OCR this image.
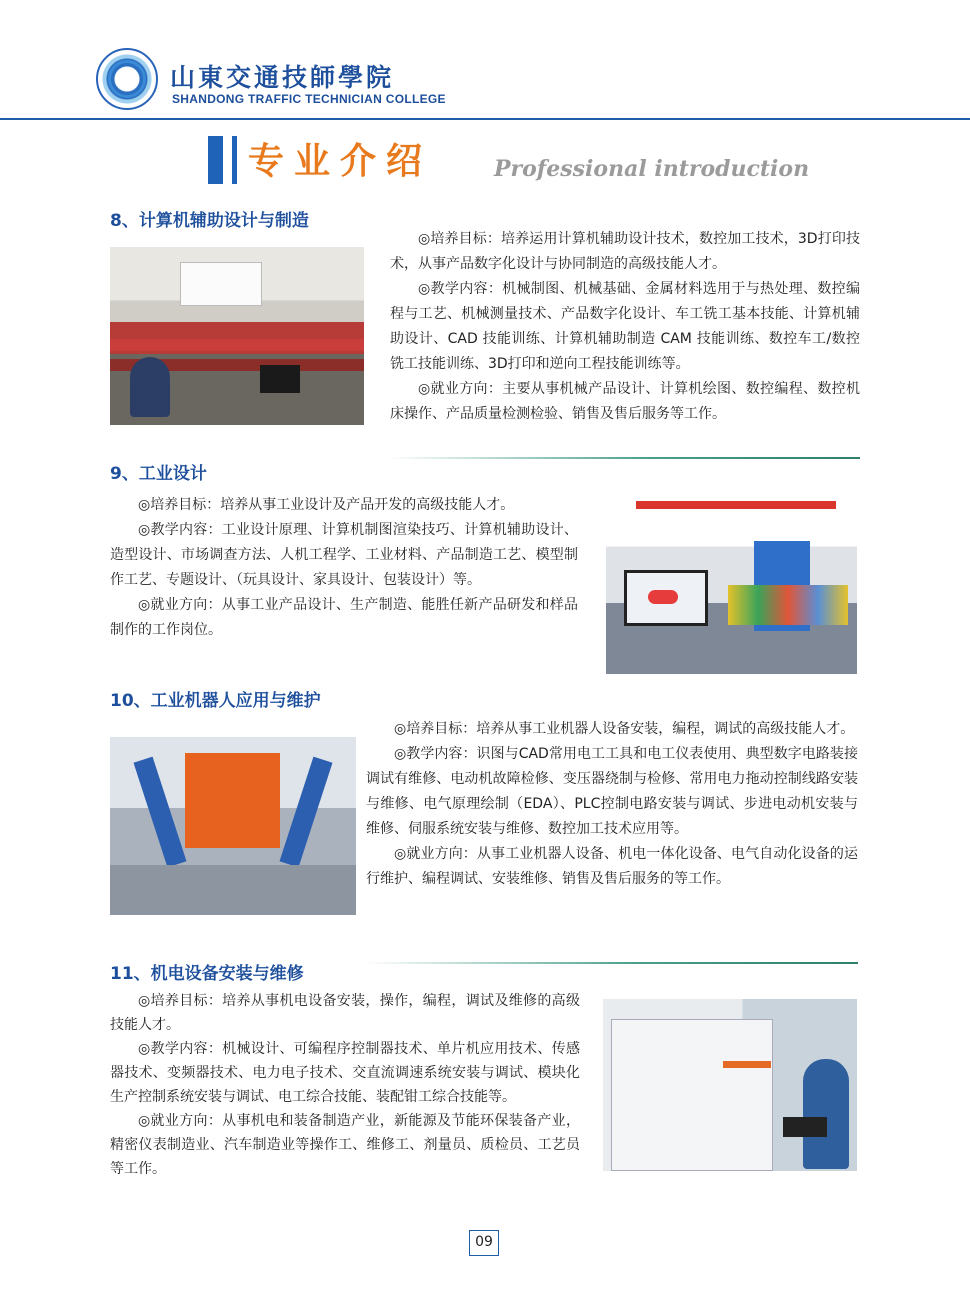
山東交通技師學院
SHANDONG TRAFFIC TECHNICIAN COLLEGE
专业介绍	Professional introduction
8、计算机辅助设计与制造

◎培养目标：培养运用计算机辅助设计技术，数控加工技术，3D打印技术，从事产品数字化设计与协同制造的高级技能人才。

◎教学内容：机械制图、机械基础、金属材料选用于与热处理、数控编程与工艺、机械测量技术、产品数字化设计、车工铣工基本技能、计算机辅助设计、CAD 技能训练、计算机辅助制造 CAM 技能训练、数控车工/数控铣工技能训练、3D打印和逆向工程技能训练等。

◎就业方向：主要从事机械产品设计、计算机绘图、数控编程、数控机床操作、产品质量检测检验、销售及售后服务等工作。

9、工业设计

◎培养目标：培养从事工业设计及产品开发的高级技能人才。

◎教学内容：工业设计原理、计算机制图渲染技巧、计算机辅助设计、造型设计、市场调查方法、人机工程学、工业材料、产品制造工艺、模型制作工艺、专题设计、（玩具设计、家具设计、包装设计）等。

◎就业方向：从事工业产品设计、生产制造、能胜任新产品研发和样品制作的工作岗位。

10、工业机器人应用与维护

◎培养目标：培养从事工业机器人设备安装，编程，调试的高级技能人才。

◎教学内容：识图与CAD常用电工工具和电工仪表使用、典型数字电路装接调试有维修、电动机故障检修、变压器绕制与检修、常用电力拖动控制线路安装与维修、电气原理绘制（EDA）、PLC控制电路安装与调试、步进电动机安装与维修、伺服系统安装与维修、数控加工技术应用等。

◎就业方向：从事工业机器人设备、机电一体化设备、电气自动化设备的运行维护、编程调试、安装维修、销售及售后服务的等工作。

11、机电设备安装与维修

◎培养目标：培养从事机电设备安装，操作，编程，调试及维修的高级技能人才。

◎教学内容：机械设计、可编程序控制器技术、单片机应用技术、传感器技术、变频器技术、电力电子技术、交直流调速系统安装与调试、模块化生产控制系统安装与调试、电工综合技能、装配钳工综合技能等。

◎就业方向：从事机电和装备制造产业，新能源及节能环保装备产业，精密仪表制造业、汽车制造业等操作工、维修工、剂量员、质检员、工艺员等工作。

09
